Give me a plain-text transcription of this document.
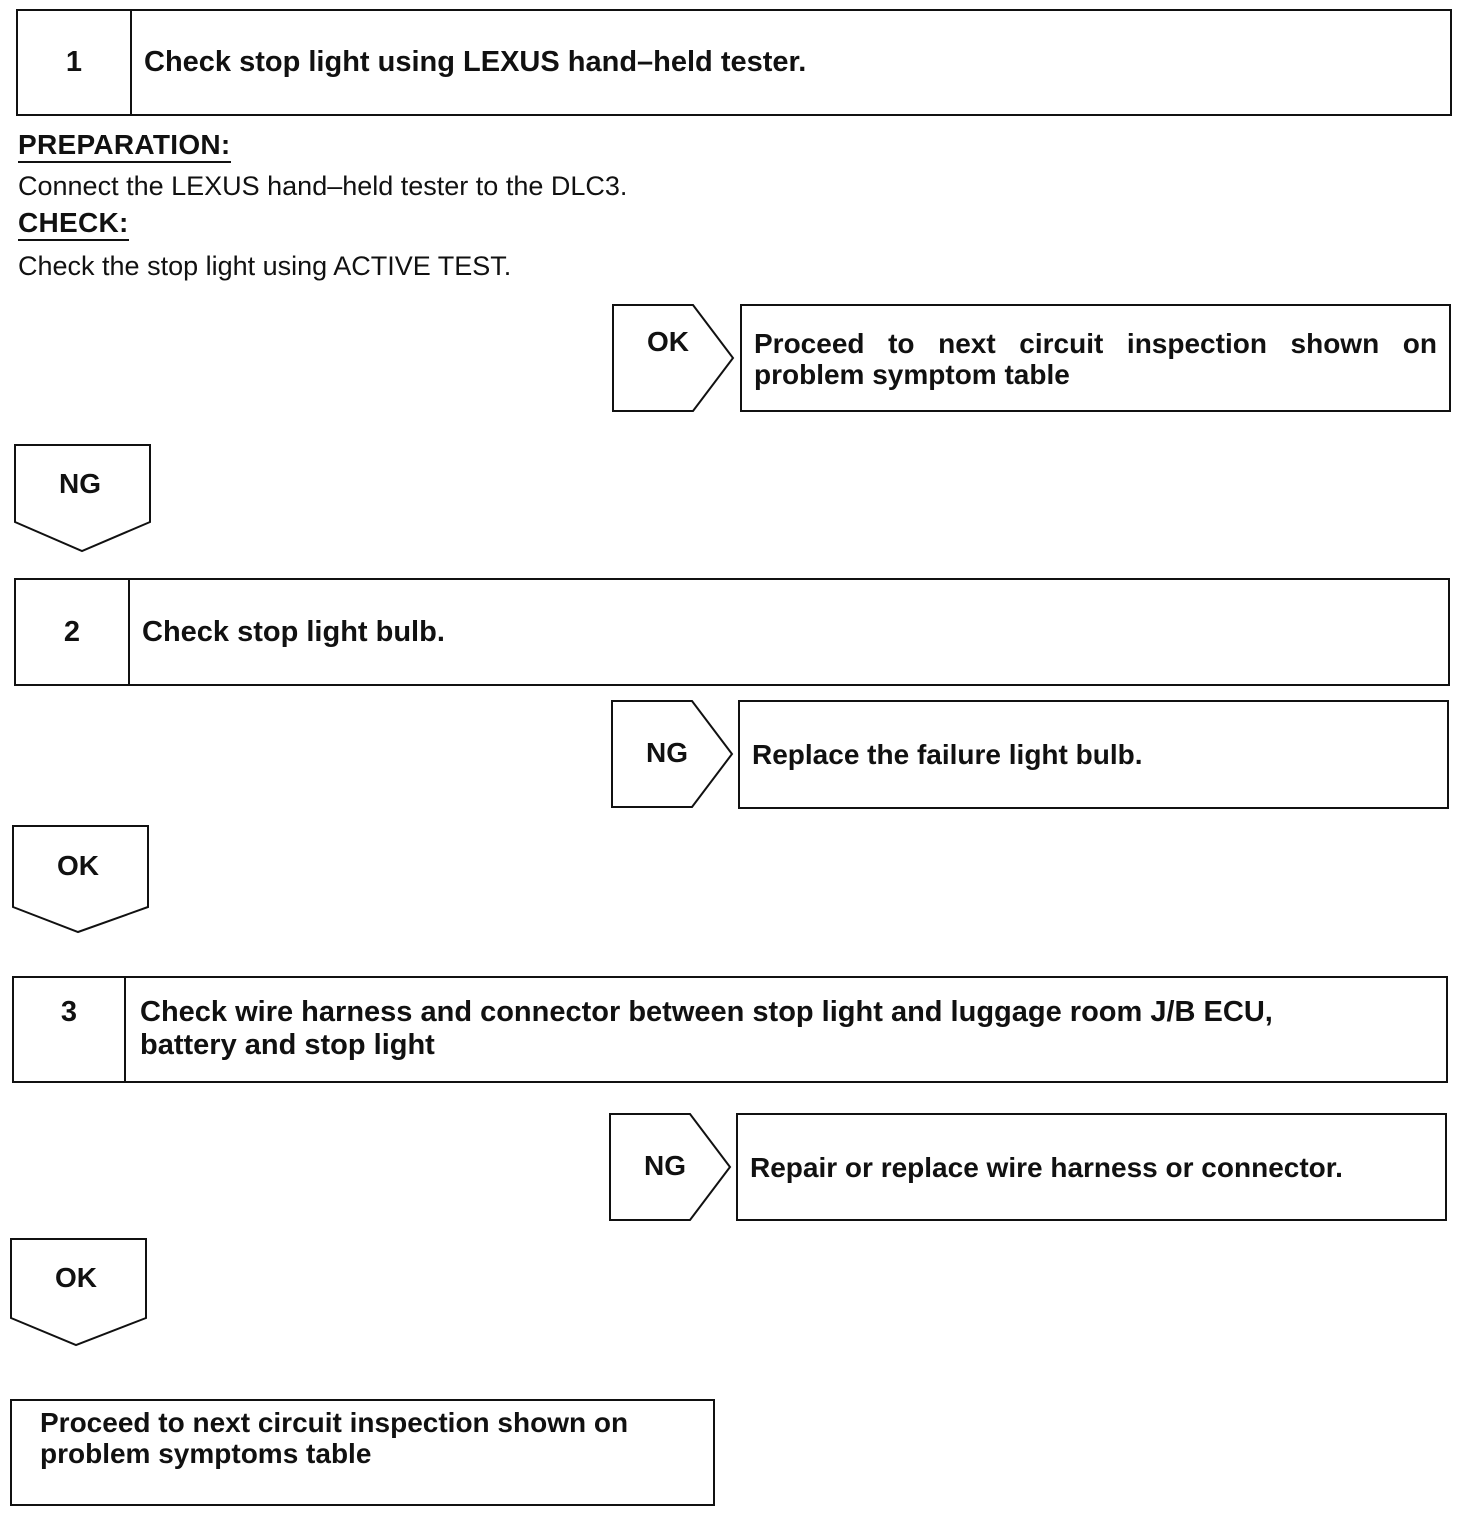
1	Check stop light using LEXUS hand–held tester.
PREPARATION:
Connect the LEXUS hand–held tester to the DLC3.
CHECK:
Check the stop light using ACTIVE TEST.
OK	Proceed to next circuit inspection shown on problem symptom table
NG
2	Check stop light bulb.
NG	Replace the failure light bulb.
OK
3	Check wire harness and connector between stop light and luggage room J/B ECU, battery and stop light
NG	Repair or replace wire harness or connector.
OK
Proceed to next circuit inspection shown on problem symptoms table
